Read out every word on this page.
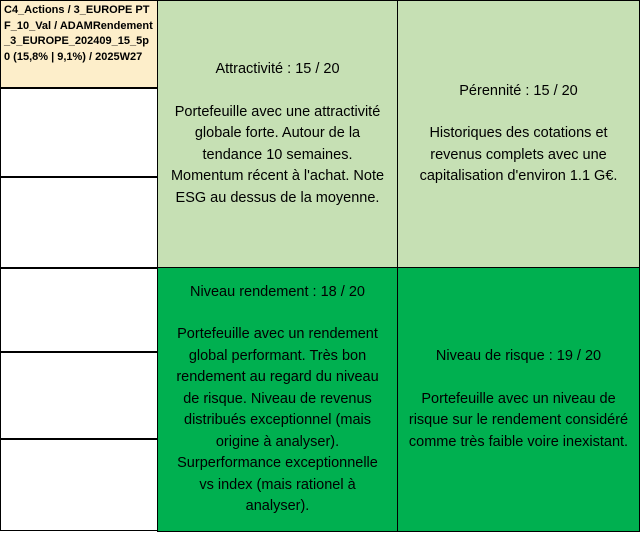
C4_Actions / 3_EUROPE PTF_10_Val / ADAMRendement_3_EUROPE_202409_15_5p0 (15,8% | 9,1%) / 2025W27
Attractivité : 15 / 20
Portefeuille avec une attractivité globale forte. Autour de la tendance 10 semaines. Momentum récent à l'achat. Note ESG au dessus de la moyenne.
Pérennité : 15 / 20
Historiques des cotations et revenus complets avec une capitalisation d'environ 1.1 G€.
Niveau rendement : 18 / 20
Portefeuille avec un rendement global performant. Très bon rendement au regard du niveau de risque. Niveau de revenus distribués exceptionnel (mais origine à analyser). Surperformance exceptionnelle vs index (mais rationel à analyser).
Niveau de risque : 19 / 20
Portefeuille avec un niveau de risque sur le rendement considéré comme très faible voire inexistant.
